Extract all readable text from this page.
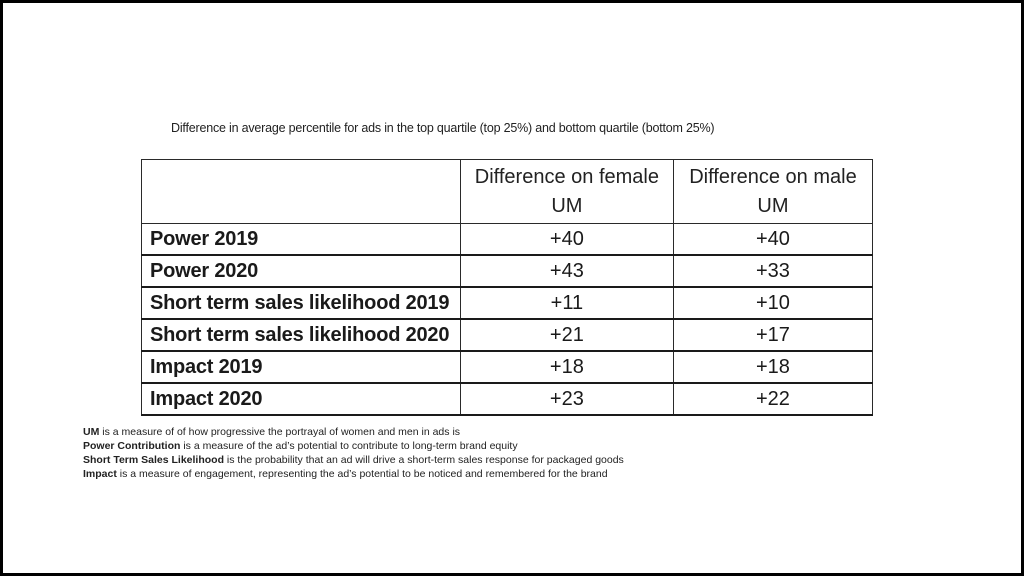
Difference in average percentile for ads in the top quartile (top 25%) and bottom quartile (bottom 25%)
	Difference on female UM	Difference on male UM
Power 2019	+40	+40
Power 2020	+43	+33
Short term sales likelihood 2019	+11	+10
Short term sales likelihood 2020	+21	+17
Impact 2019	+18	+18
Impact 2020	+23	+22
UM is a measure of of how progressive the portrayal of women and men in ads is
Power Contribution is a measure of the ad’s potential to contribute to long-term brand equity
Short Term Sales Likelihood is the probability that an ad will drive a short-term sales response for packaged goods
Impact is a measure of engagement, representing the ad’s potential to be noticed and remembered for the brand
